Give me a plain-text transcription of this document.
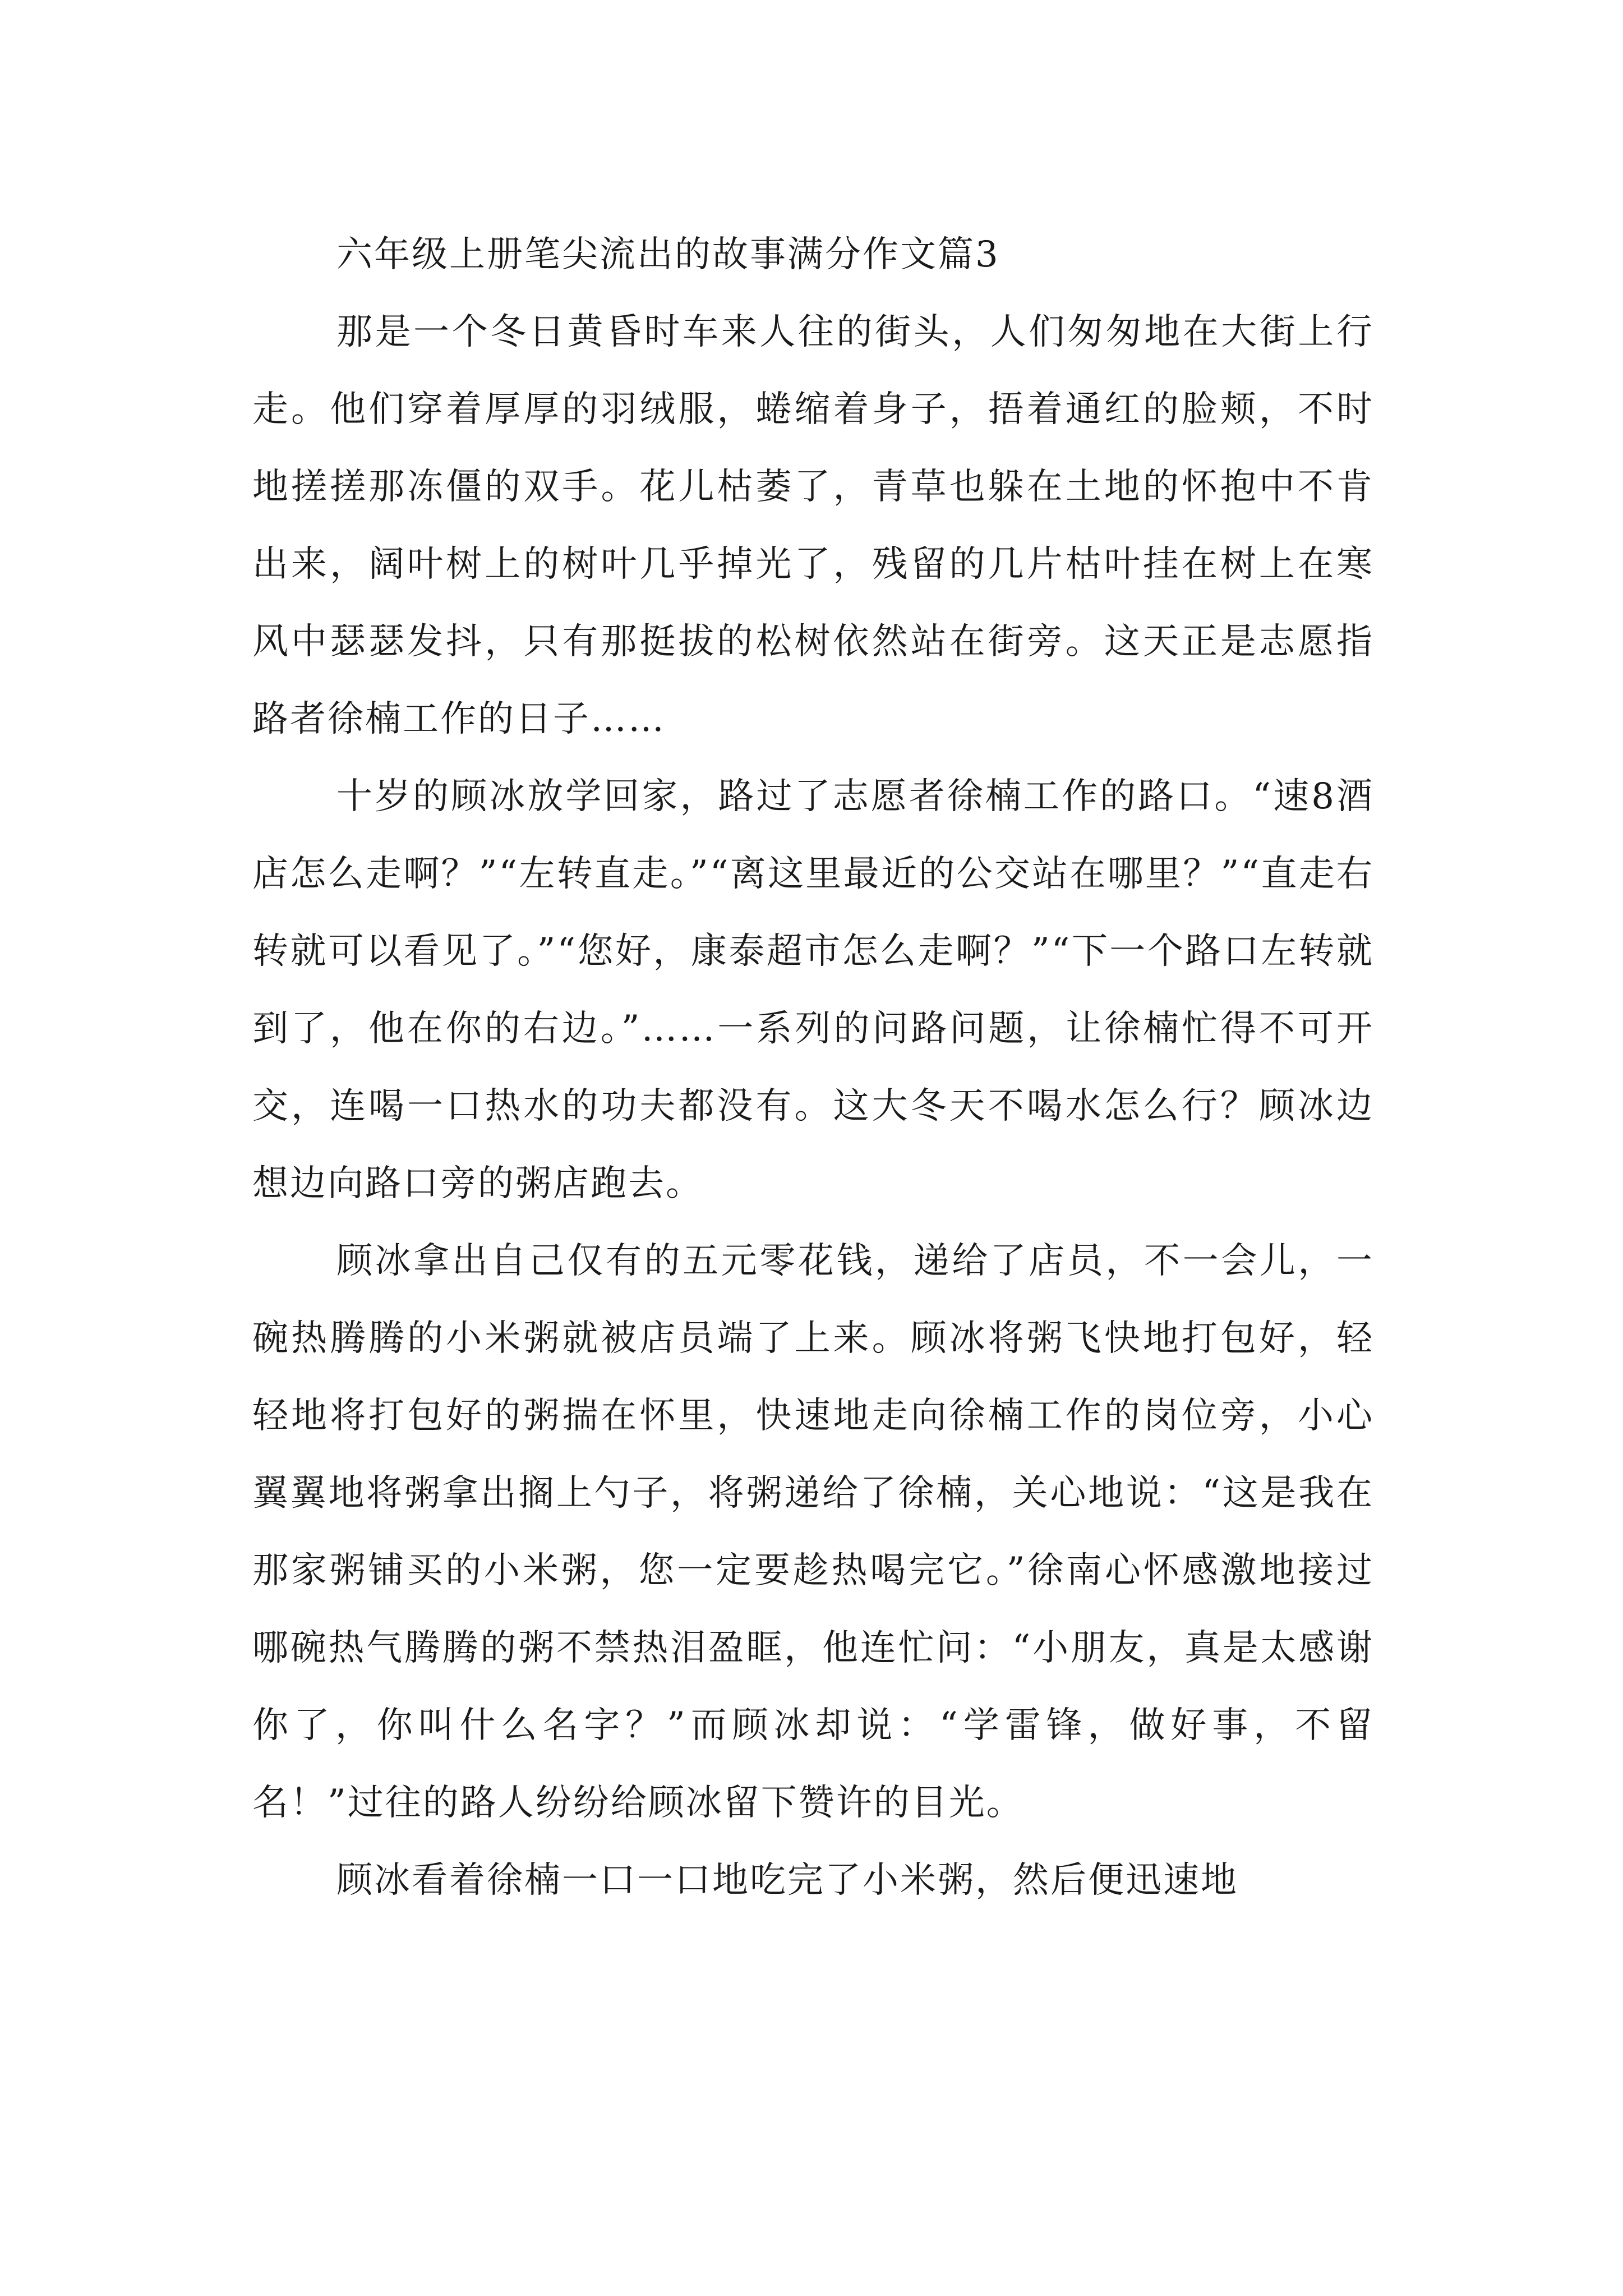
六年级上册笔尖流出的故事满分作文篇3

那是一个冬日黄昏时车来人往的街头，人们匆匆地在大街上行走。他们穿着厚厚的羽绒服，蜷缩着身子，捂着通红的脸颊，不时地搓搓那冻僵的双手。花儿枯萎了，青草也躲在土地的怀抱中不肯出来，阔叶树上的树叶几乎掉光了，残留的几片枯叶挂在树上在寒风中瑟瑟发抖，只有那挺拔的松树依然站在街旁。这天正是志愿指路者徐楠工作的日子……

十岁的顾冰放学回家，路过了志愿者徐楠工作的路口。“速8酒店怎么走啊？”“左转直走。”“离这里最近的公交站在哪里？”“直走右转就可以看见了。”“您好，康泰超市怎么走啊？”“下一个路口左转就到了，他在你的右边。”……一系列的问路问题，让徐楠忙得不可开交，连喝一口热水的功夫都没有。这大冬天不喝水怎么行？顾冰边想边向路口旁的粥店跑去。

顾冰拿出自己仅有的五元零花钱，递给了店员，不一会儿，一碗热腾腾的小米粥就被店员端了上来。顾冰将粥飞快地打包好，轻轻地将打包好的粥揣在怀里，快速地走向徐楠工作的岗位旁，小心翼翼地将粥拿出搁上勺子，将粥递给了徐楠，关心地说：“这是我在那家粥铺买的小米粥，您一定要趁热喝完它。”徐南心怀感激地接过哪碗热气腾腾的粥不禁热泪盈眶，他连忙问：“小朋友，真是太感谢你了，你叫什么名字？”而顾冰却说：“学雷锋，做好事，不留名！”过往的路人纷纷给顾冰留下赞许的目光。

顾冰看着徐楠一口一口地吃完了小米粥，然后便迅速地
